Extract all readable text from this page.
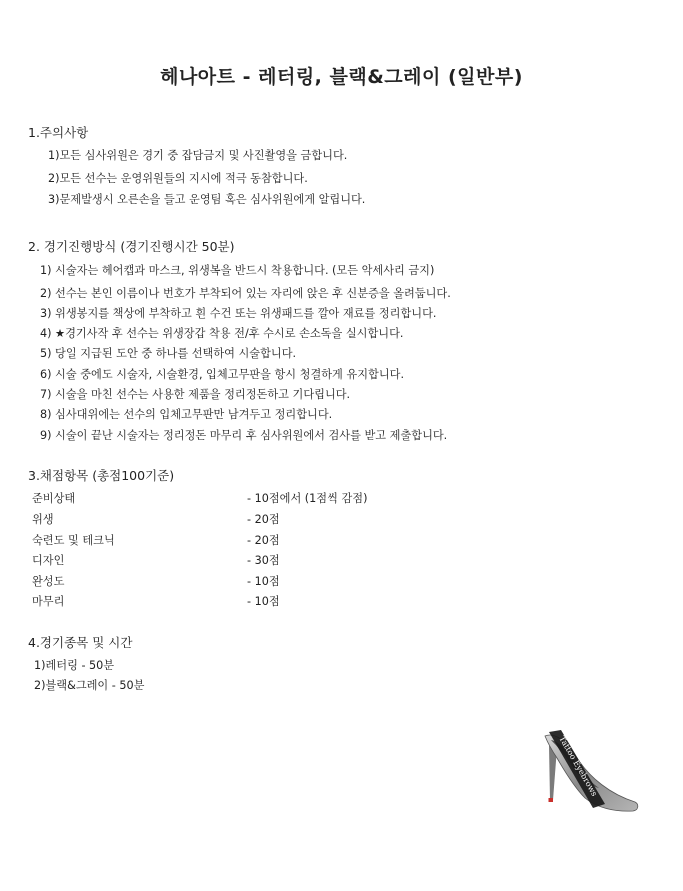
헤나아트 - 레터링, 블랙&그레이 (일반부)
1.주의사항
1)모든 심사위원은 경기 중 잡담금지 및 사진촬영을 금합니다.
2)모든 선수는 운영위원들의 지시에 적극 동참합니다.
3)문제발생시 오른손을 들고 운영팀 혹은 심사위원에게 알립니다.
2. 경기진행방식 (경기진행시간 50분)
1) 시술자는 헤어캡과 마스크, 위생복을 반드시 착용합니다. (모든 악세사리 금지)
2) 선수는 본인 이름이나 번호가 부착되어 있는 자리에 앉은 후 신분증을 올려둡니다.
3) 위생봉지를 책상에 부착하고 흰 수건 또는 위생패드를 깔아 재료를 정리합니다.
4) ★경기사작 후 선수는 위생장갑 착용 전/후 수시로 손소독을 실시합니다.
5) 당일 지급된 도안 중 하나를 선택하여 시술합니다.
6) 시술 중에도 시술자, 시술환경, 입체고무판을 항시 청결하게 유지합니다.
7) 시술을 마친 선수는 사용한 제품을 정리정돈하고 기다립니다.
8) 심사대위에는 선수의 입체고무판만 남겨두고 정리합니다.
9) 시술이 끝난 시술자는 정리정돈 마무리 후 심사위원에서 검사를 받고 제출합니다.
3.채점항목 (총점100기준)
준비상태	- 10점에서 (1점씩 감점)
위생	- 20점
숙련도 및 테크닉	- 20점
디자인	- 30점
완성도	- 10점
마무리	- 10점
4.경기종목 및 시간
1)레터링 - 50분
2)블랙&그레이 - 50분
Tattoo Eyebrows
